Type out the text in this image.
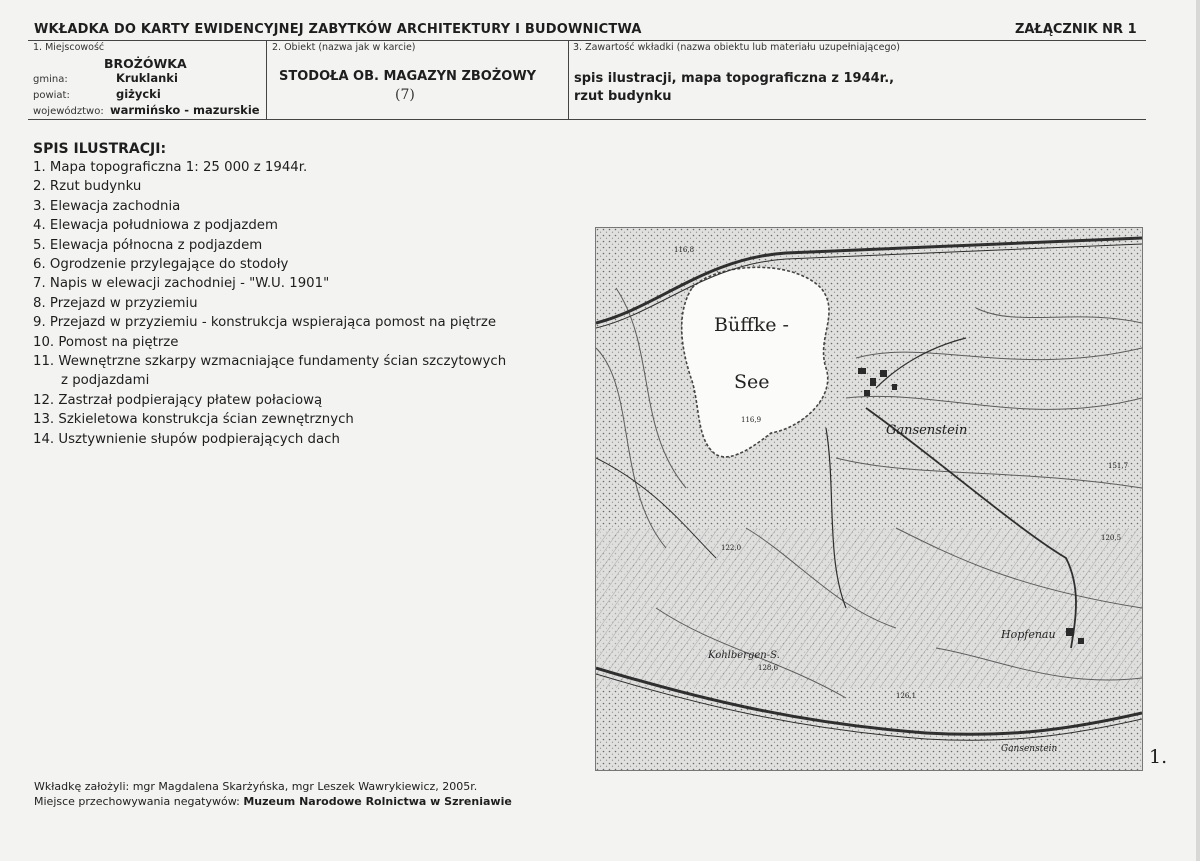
WKŁADKA DO KARTY EWIDENCYJNEJ ZABYTKÓW ARCHITEKTURY I BUDOWNICTWA	ZAŁĄCZNIK NR 1
1. Miejscowość
BROŻÓWKA
gmina:	Kruklanki
powiat:	giżycki
województwo: warmińsko - mazurskie
2. Obiekt (nazwa jak w karcie)
STODOŁA OB. MAGAZYN ZBOŻOWY
(7)
3. Zawartość wkładki (nazwa obiektu lub materiału uzupełniającego)
spis ilustracji, mapa topograficzna z 1944r.,
rzut budynku
SPIS ILUSTRACJI:
1. Mapa topograficzna 1: 25 000 z 1944r.
2. Rzut budynku
3. Elewacja zachodnia
4. Elewacja południowa z podjazdem
5. Elewacja północna z podjazdem
6. Ogrodzenie przylegające do stodoły
7. Napis w elewacji zachodniej - "W.U. 1901"
8. Przejazd w przyziemiu
9. Przejazd w przyziemiu - konstrukcja wspierająca pomost na piętrze
10. Pomost na piętrze
11. Wewnętrzne szkarpy wzmacniające fundamenty ścian szczytowych
z podjazdami
12. Zastrzał podpierający płatew połaciową
13. Szkieletowa konstrukcja ścian zewnętrznych
14. Usztywnienie słupów podpierających dach
Büffke -
See
116,8
116,9
151,7
122,0
128,6
120,5
126,1
Gansenstein
Kohlbergen-S.
Hopfenau
Gansenstein	1.
Wkładkę założyli: mgr Magdalena Skarżyńska, mgr Leszek Wawrykiewicz, 2005r.
Miejsce przechowywania negatywów: Muzeum Narodowe Rolnictwa w Szreniawie
